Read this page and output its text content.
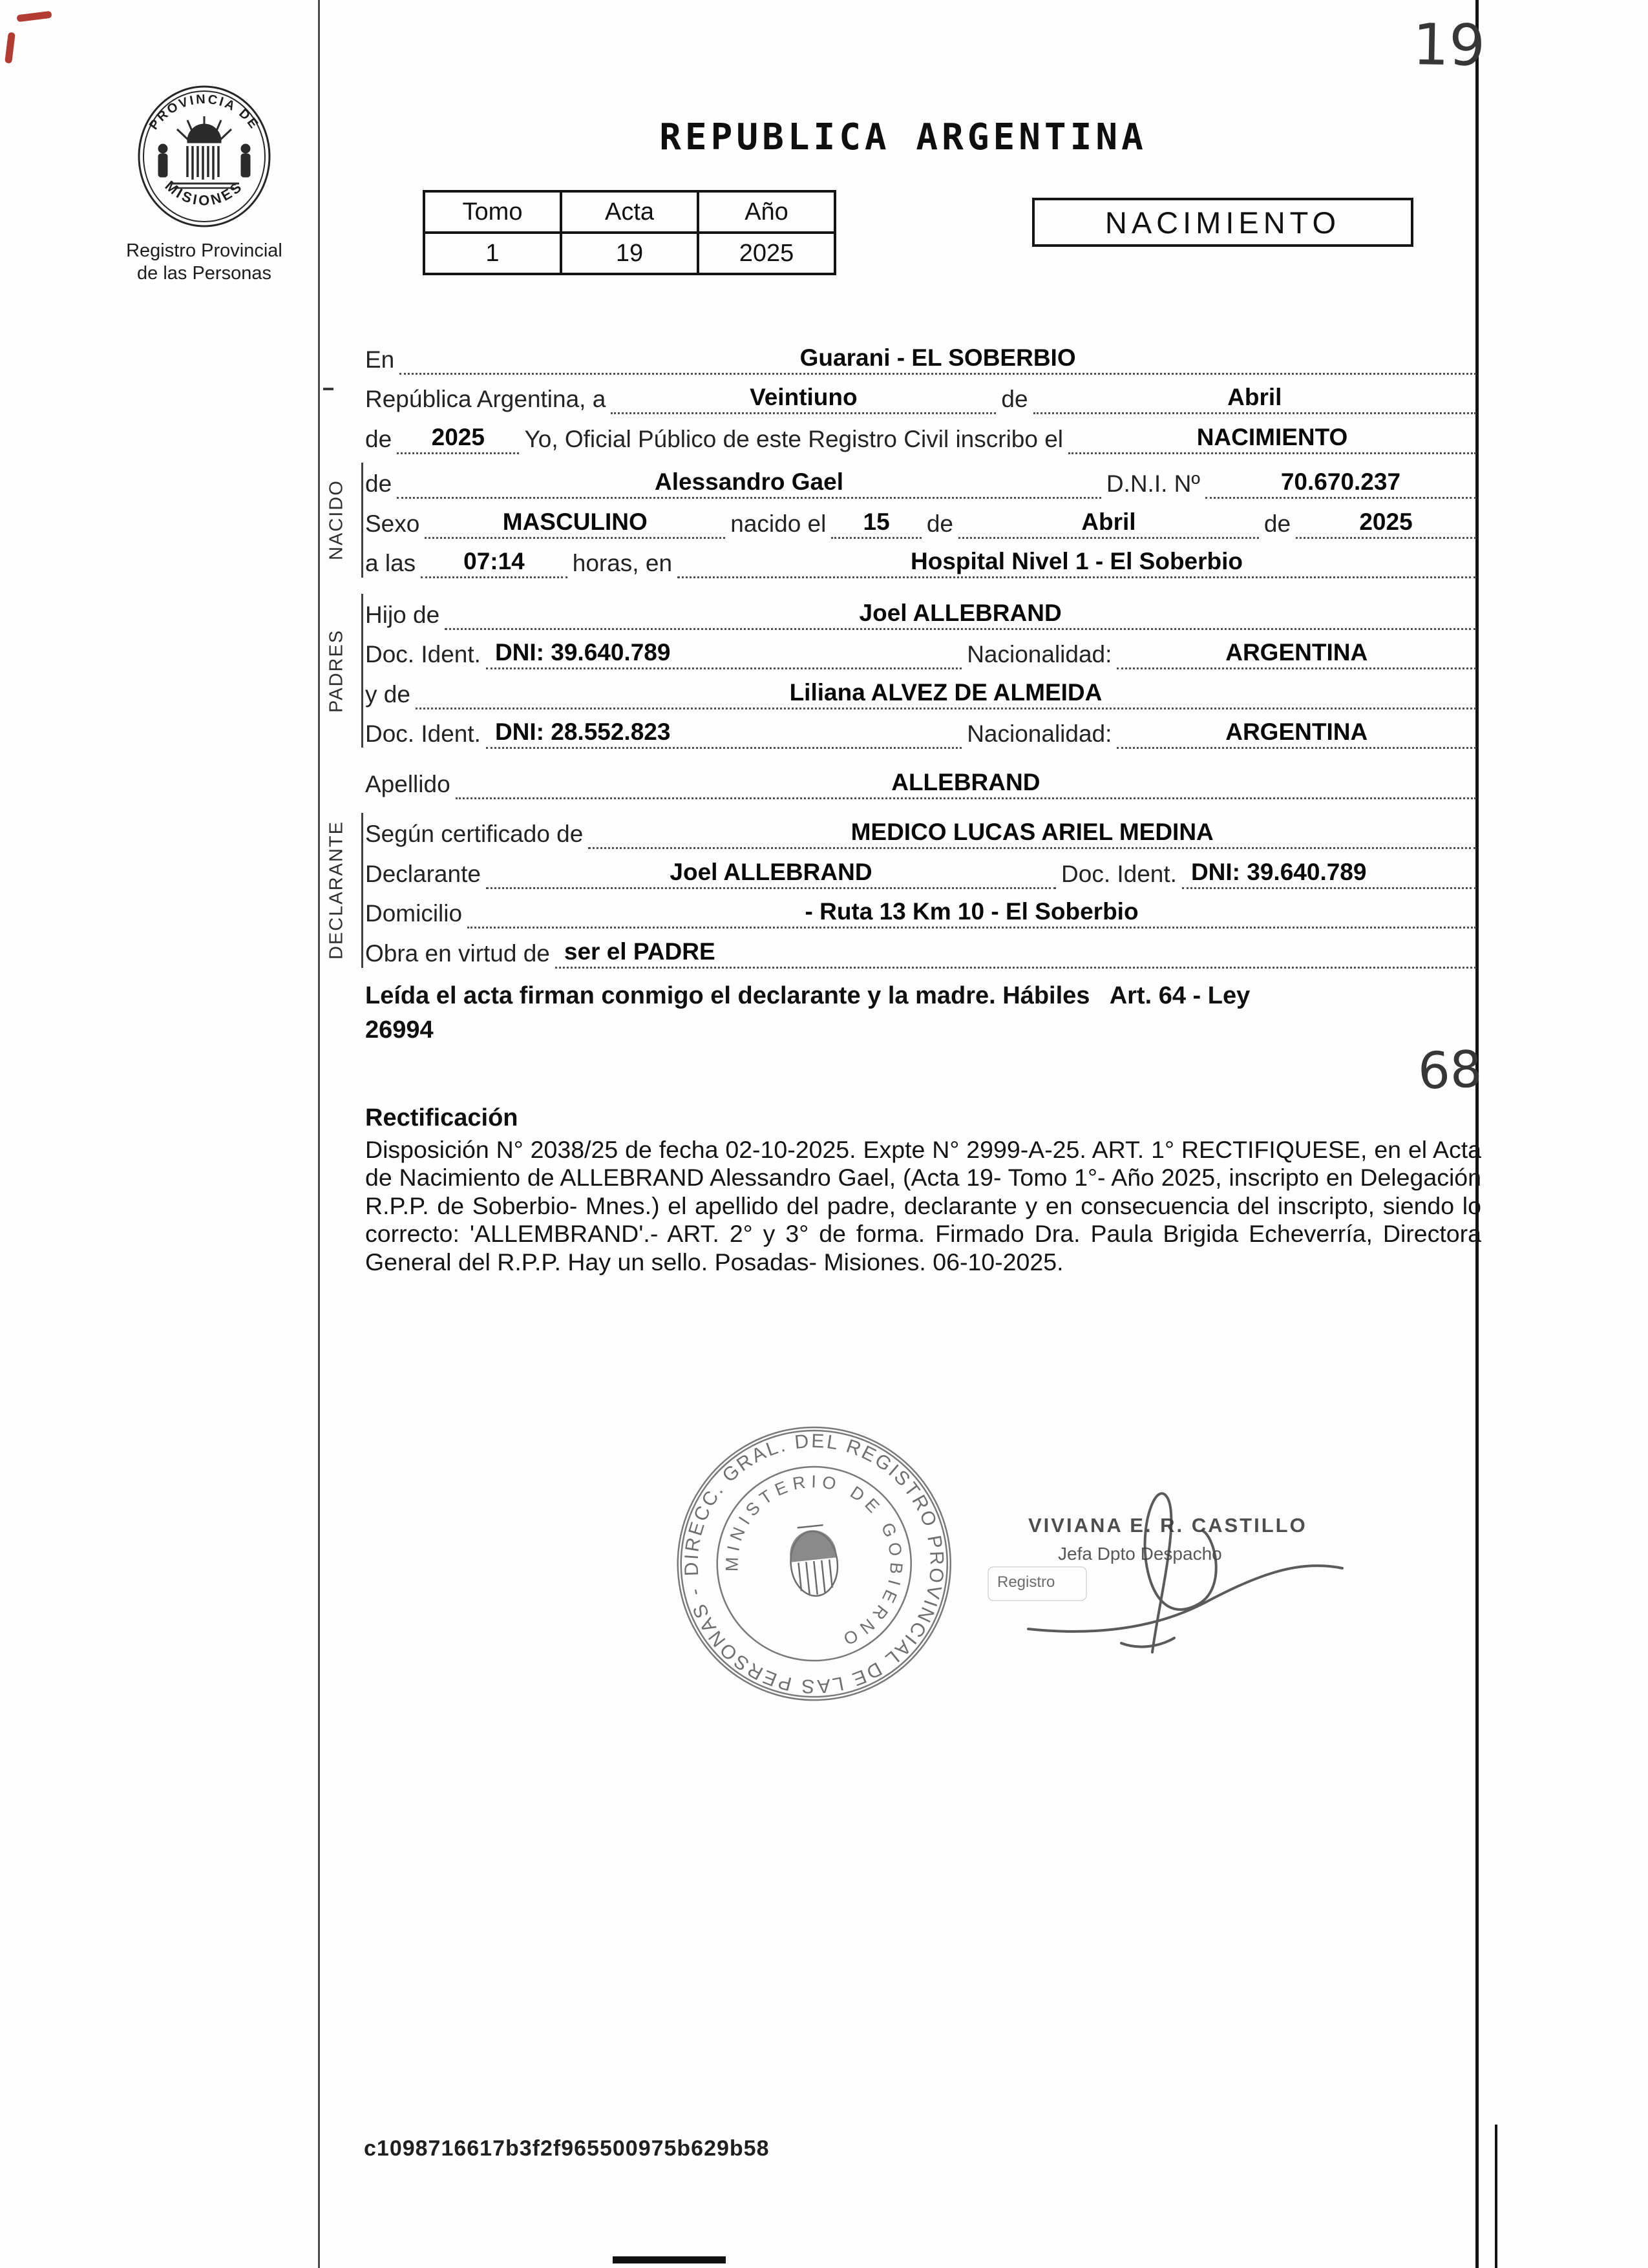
19
68
PROVINCIA DE
MISIONES
Registro Provincial
de las Personas
REPUBLICA ARGENTINA
Tomo	Acta	Año
1	19	2025
NACIMIENTO
NACIDO
PADRES
DECLARANTE
En	Guarani - EL SOBERBIO
República Argentina, a	Veintiuno	de	Abril
de	2025	Yo, Oficial Público de este Registro Civil inscribo el	NACIMIENTO
de	Alessandro Gael	D.N.I. Nº	70.670.237
Sexo	MASCULINO	nacido el	15	de	Abril	de	2025
a las	07:14	horas, en	Hospital Nivel 1 - El Soberbio
Hijo de	Joel ALLEBRAND
Doc. Ident. DNI: 39.640.789	Nacionalidad:	ARGENTINA
y de	Liliana ALVEZ DE ALMEIDA
Doc. Ident. DNI: 28.552.823	Nacionalidad:	ARGENTINA
Apellido	ALLEBRAND
Según certificado de	MEDICO LUCAS ARIEL MEDINA
Declarante	Joel ALLEBRAND	Doc. Ident. DNI: 39.640.789
Domicilio	- Ruta 13 Km 10 - El Soberbio
Obra en virtud de ser el PADRE

Leída el acta firman conmigo el declarante y la madre. Hábiles   Art. 64 - Ley 26994

Rectificación

Disposición N° 2038/25 de fecha 02-10-2025. Expte N° 2999-A-25. ART. 1° RECTIFIQUESE, en el Acta de Nacimiento de ALLEBRAND Alessandro Gael, (Acta 19- Tomo 1°- Año 2025, inscripto en Delegación R.P.P. de Soberbio- Mnes.) el apellido del padre, declarante y en consecuencia del inscripto, siendo lo correcto: 'ALLEMBRAND'.- ART. 2° y 3° de forma. Firmado Dra. Paula Brigida Echeverría, Directora General del R.P.P. Hay un sello. Posadas- Misiones. 06-10-2025.

DIRECC. GRAL. DEL REGISTRO PROVINCIAL DE LAS PERSONAS -
MINISTERIO DE GOBIERNO
VIVIANA E. R. CASTILLO
Jefa Dpto Despacho
Registro
c1098716617b3f2f965500975b629b58
